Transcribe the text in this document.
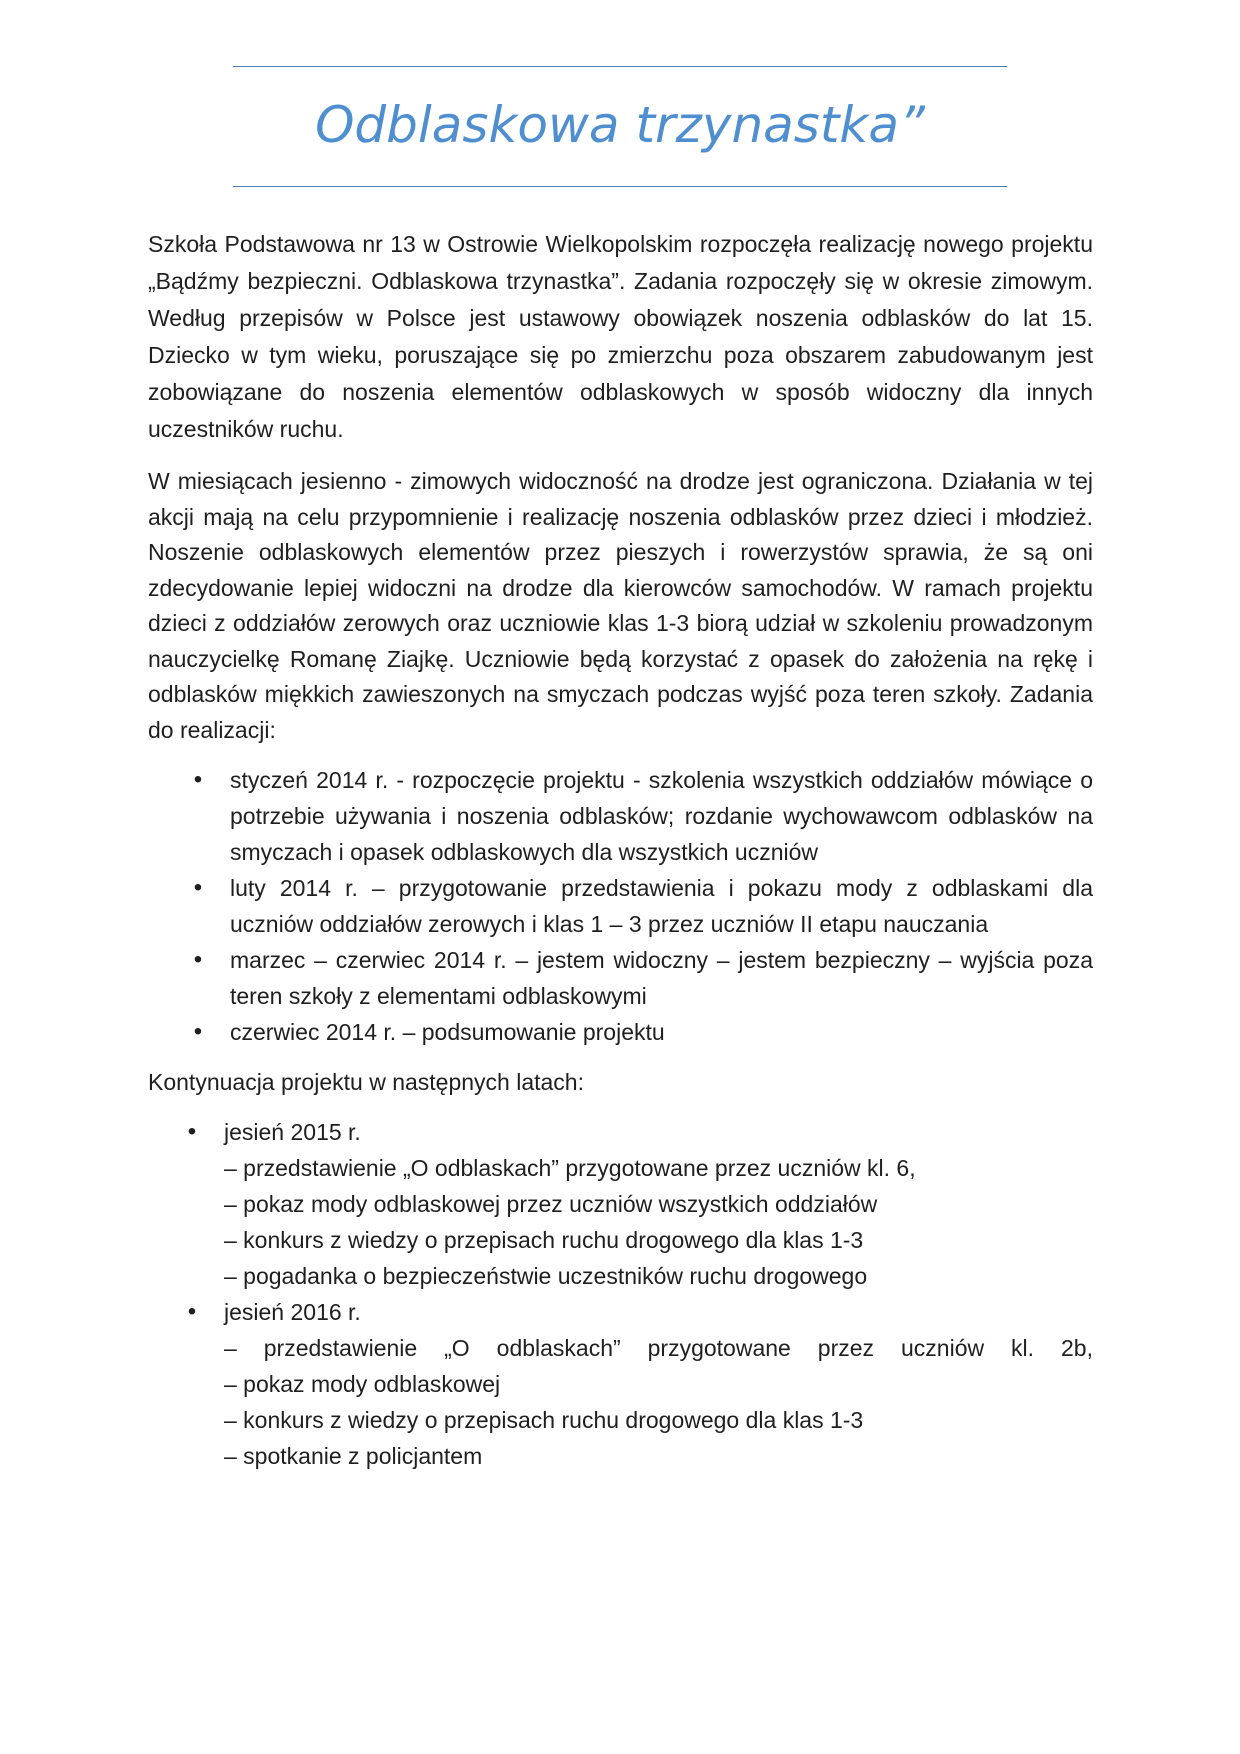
Odblaskowa trzynastka”

Szkoła Podstawowa nr 13 w Ostrowie Wielkopolskim rozpoczęła realizację nowego projektu „Bądźmy bezpieczni. Odblaskowa trzynastka”. Zadania rozpoczęły się w okresie zimowym. Według przepisów w Polsce jest ustawowy obowiązek noszenia odblasków do lat 15. Dziecko w tym wieku, poruszające się po zmierzchu poza obszarem zabudowanym jest zobowiązane do noszenia elementów odblaskowych w sposób widoczny dla innych uczestników ruchu.

W miesiącach jesienno - zimowych widoczność na drodze jest ograniczona. Działania w tej akcji mają na celu przypomnienie i realizację noszenia odblasków przez dzieci i młodzież. Noszenie odblaskowych elementów przez pieszych i rowerzystów sprawia, że są oni zdecydowanie lepiej widoczni na drodze dla kierowców samochodów. W ramach projektu dzieci z oddziałów zerowych oraz uczniowie klas 1-3 biorą udział w szkoleniu prowadzonym nauczycielkę Romanę Ziajkę. Uczniowie będą korzystać z opasek do założenia na rękę i odblasków miękkich zawieszonych na smyczach podczas wyjść poza teren szkoły. Zadania do realizacji:

•	styczeń 2014 r. - rozpoczęcie projektu - szkolenia wszystkich oddziałów mówiące o potrzebie używania i noszenia odblasków; rozdanie wychowawcom odblasków na smyczach i opasek odblaskowych dla wszystkich uczniów
•	luty 2014 r. – przygotowanie przedstawienia i pokazu mody z odblaskami dla uczniów oddziałów zerowych i klas 1 – 3 przez uczniów II etapu nauczania
•	marzec – czerwiec 2014 r. – jestem widoczny – jestem bezpieczny – wyjścia poza teren szkoły z elementami odblaskowymi
•	czerwiec 2014 r. – podsumowanie projektu

Kontynuacja projektu w następnych latach:

•	jesień 2015 r.
– przedstawienie „O odblaskach” przygotowane przez uczniów kl. 6,
– pokaz mody odblaskowej przez uczniów wszystkich oddziałów
– konkurs z wiedzy o przepisach ruchu drogowego dla klas 1-3
– pogadanka o bezpieczeństwie uczestników ruchu drogowego
•	jesień 2016 r.
– przedstawienie „O odblaskach” przygotowane przez uczniów kl. 2b,
– pokaz mody odblaskowej
– konkurs z wiedzy o przepisach ruchu drogowego dla klas 1-3
– spotkanie z policjantem
